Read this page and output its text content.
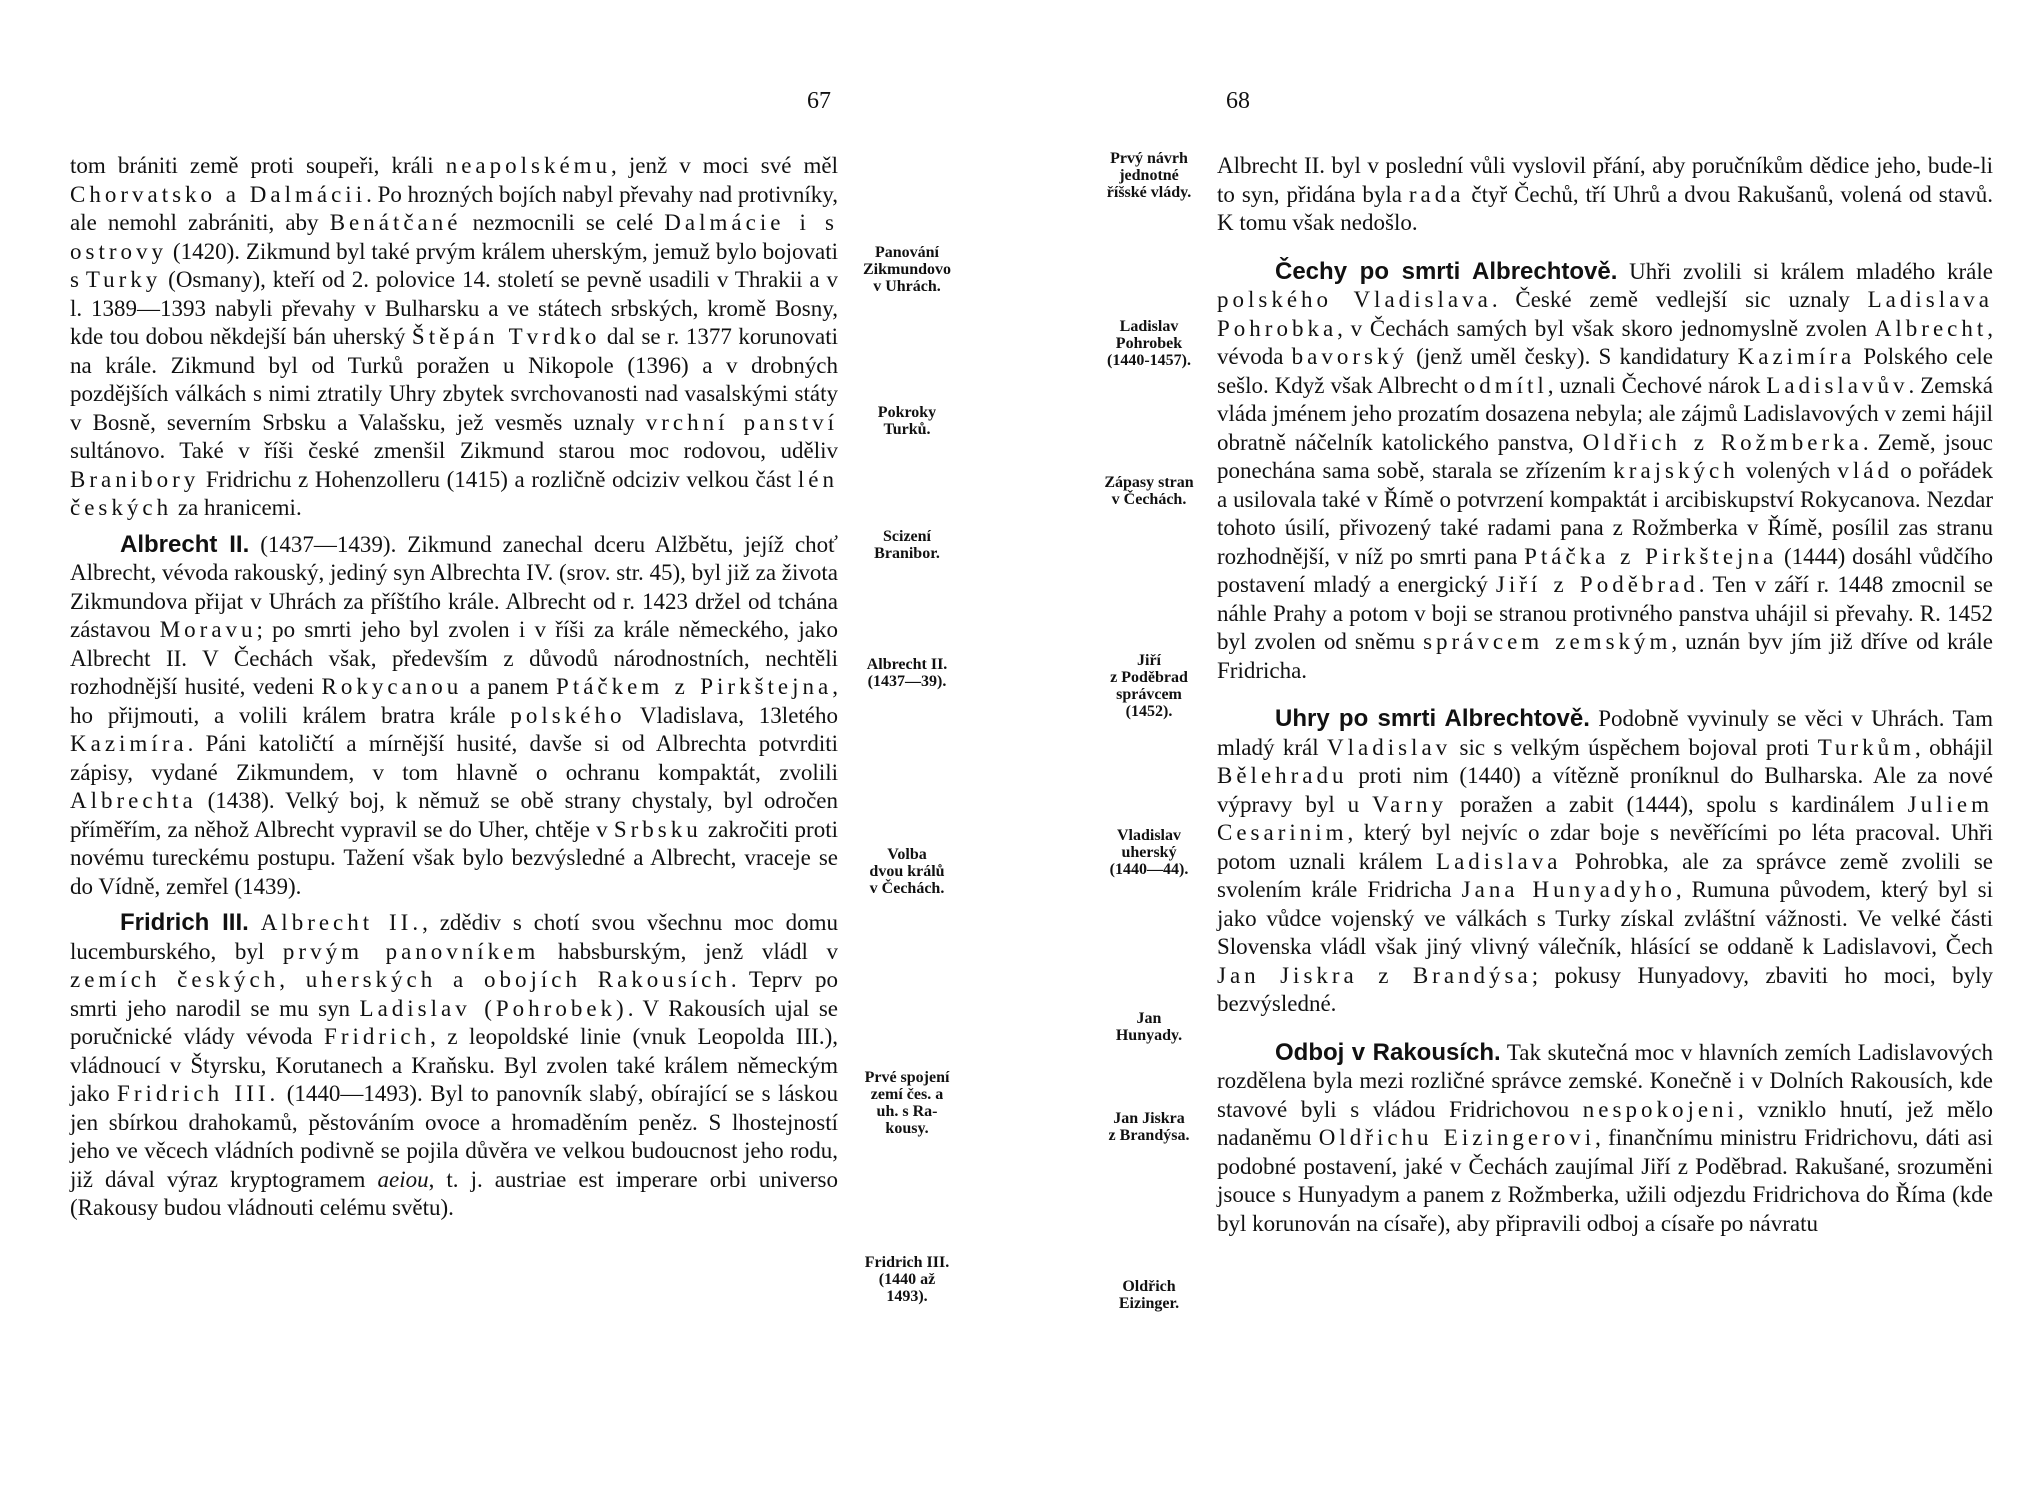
67

tom brániti země proti soupeři, králi neapolskému, jenž v moci své měl Chorvatsko a Dalmácii. Po hrozných bojích nabyl převahy nad protivníky, ale nemohl zabrániti, aby Benátčané nezmocnili se celé Dalmácie i s ostrovy (1420). Zikmund byl také prvým králem uherským, jemuž bylo bojovati s Turky (Osmany), kteří od 2. polovice 14. století se pevně usadili v Thrakii a v l. 1389—1393 nabyli převahy v Bulharsku a ve státech srbských, kromě Bosny, kde tou dobou někdejší bán uherský Štěpán Tvrdko dal se r. 1377 korunovati na krále. Zikmund byl od Turků poražen u Nikopole (1396) a v drobných pozdějších válkách s nimi ztratily Uhry zbytek svrchovanosti nad vasalskými státy v Bosně, severním Srbsku a Valašsku, jež vesměs uznaly vrchní panství sultánovo. Také v říši české zmenšil Zikmund starou moc rodovou, uděliv Branibory Fridrichu z Hohenzolleru (1415) a rozličně odciziv velkou část lén českých za hranicemi.

Albrecht II. (1437—1439). Zikmund zanechal dceru Alžbětu, jejíž choť Albrecht, vévoda rakouský, jediný syn Albrechta IV. (srov. str. 45), byl již za života Zikmundova přijat v Uhrách za příštího krále. Albrecht od r. 1423 držel od tchána zástavou Moravu; po smrti jeho byl zvolen i v říši za krále německého, jako Albrecht II. V Čechách však, především z důvodů národnostních, nechtěli rozhodnější husité, vedeni Rokycanou a panem Ptáčkem z Pirkštejna, ho přijmouti, a volili králem bratra krále polského Vladislava, 13letého Kazimíra. Páni katoličtí a mírnější husité, davše si od Albrechta potvrditi zápisy, vydané Zikmundem, v tom hlavně o ochranu kompaktát, zvolili Albrechta (1438). Velký boj, k němuž se obě strany chystaly, byl odročen příměřím, za něhož Albrecht vypravil se do Uher, chtěje v Srbsku zakročiti proti novému tureckému postupu. Tažení však bylo bezvýsledné a Albrecht, vraceje se do Vídně, zemřel (1439).

Fridrich III. Albrecht II., zdědiv s chotí svou všechnu moc domu lucemburského, byl prvým panovníkem habsburským, jenž vládl v zemích českých, uherských a obojích Rakousích. Teprv po smrti jeho narodil se mu syn Ladislav (Pohrobek). V Rakousích ujal se poručnické vlády vévoda Fridrich, z leopoldské linie (vnuk Leopolda III.), vládnoucí v Štyrsku, Korutanech a Kraňsku. Byl zvolen také králem německým jako Fridrich III. (1440—1493). Byl to panovník slabý, obírající se s láskou jen sbírkou drahokamů, pěstováním ovoce a hromaděním peněz. S lhostejností jeho ve věcech vládních podivně se pojila důvěra ve velkou budoucnost jeho rodu, již dával výraz kryptogramem aeiou, t. j. austriae est imperare orbi universo (Rakousy budou vládnouti celému světu).

Panování
Zikmundovo
v Uhrách.
Pokroky
Turků.
Scizení
Branibor.
Albrecht II.
(1437—39).
Volba
dvou králů
v Čechách.
Prvé spojení
zemí čes. a
uh. s Ra-
kousy.
Fridrich III.
(1440 až
1493).
68

Albrecht II. byl v poslední vůli vyslovil přání, aby poručníkům dědice jeho, bude-li to syn, přidána byla rada čtyř Čechů, tří Uhrů a dvou Rakušanů, volená od stavů. K tomu však nedošlo.

Čechy po smrti Albrechtově. Uhři zvolili si králem mladého krále polského Vladislava. České země vedlejší sic uznaly Ladislava Pohrobka, v Čechách samých byl však skoro jednomyslně zvolen Albrecht, vévoda bavorský (jenž uměl česky). S kandidatury Kazimíra Polského cele sešlo. Když však Albrecht odmítl, uznali Čechové nárok Ladislavův. Zemská vláda jménem jeho prozatím dosazena nebyla; ale zájmů Ladislavových v zemi hájil obratně náčelník katolického panstva, Oldřich z Rožmberka. Země, jsouc ponechána sama sobě, starala se zřízením krajských volených vlád o pořádek a usilovala také v Římě o potvrzení kompaktát i arcibiskupství Rokycanova. Nezdar tohoto úsilí, přivozený také radami pana z Rožmberka v Římě, posílil zas stranu rozhodnější, v níž po smrti pana Ptáčka z Pirkštejna (1444) dosáhl vůdčího postavení mladý a energický Jiří z Poděbrad. Ten v září r. 1448 zmocnil se náhle Prahy a potom v boji se stranou protivného panstva uhájil si převahy. R. 1452 byl zvolen od sněmu správcem zemským, uznán byv jím již dříve od krále Fridricha.

Uhry po smrti Albrechtově. Podobně vyvinuly se věci v Uhrách. Tam mladý král Vladislav sic s velkým úspěchem bojoval proti Turkům, obhájil Bělehradu proti nim (1440) a vítězně proníknul do Bulharska. Ale za nové výpravy byl u Varny poražen a zabit (1444), spolu s kardinálem Juliem Cesarinim, který byl nejvíc o zdar boje s nevěřícími po léta pracoval. Uhři potom uznali králem Ladislava Pohrobka, ale za správce země zvolili se svolením krále Fridricha Jana Hunyadyho, Rumuna původem, který byl si jako vůdce vojenský ve válkách s Turky získal zvláštní vážnosti. Ve velké části Slovenska vládl však jiný vlivný válečník, hlásící se oddaně k Ladislavovi, Čech Jan Jiskra z Brandýsa; pokusy Hunyadovy, zbaviti ho moci, byly bezvýsledné.

Odboj v Rakousích. Tak skutečná moc v hlavních zemích Ladislavových rozdělena byla mezi rozličné správce zemské. Konečně i v Dolních Rakousích, kde stavové byli s vládou Fridrichovou nespokojeni, vzniklo hnutí, jež mělo nadaněmu Oldřichu Eizingerovi, finančnímu ministru Fridrichovu, dáti asi podobné postavení, jaké v Čechách zaujímal Jiří z Poděbrad. Rakušané, srozuměni jsouce s Hunyadym a panem z Rožmberka, užili odjezdu Fridrichova do Říma (kde byl korunován na císaře), aby připravili odboj a císaře po návratu

Prvý návrh
jednotné
říšské vlády.
Ladislav
Pohrobek
(1440-1457).
Zápasy stran
v Čechách.
Jiří
z Poděbrad
správcem
(1452).
Vladislav
uherský
(1440—44).
Jan
Hunyady.
Jan Jiskra
z Brandýsa.
Oldřich
Eizinger.
